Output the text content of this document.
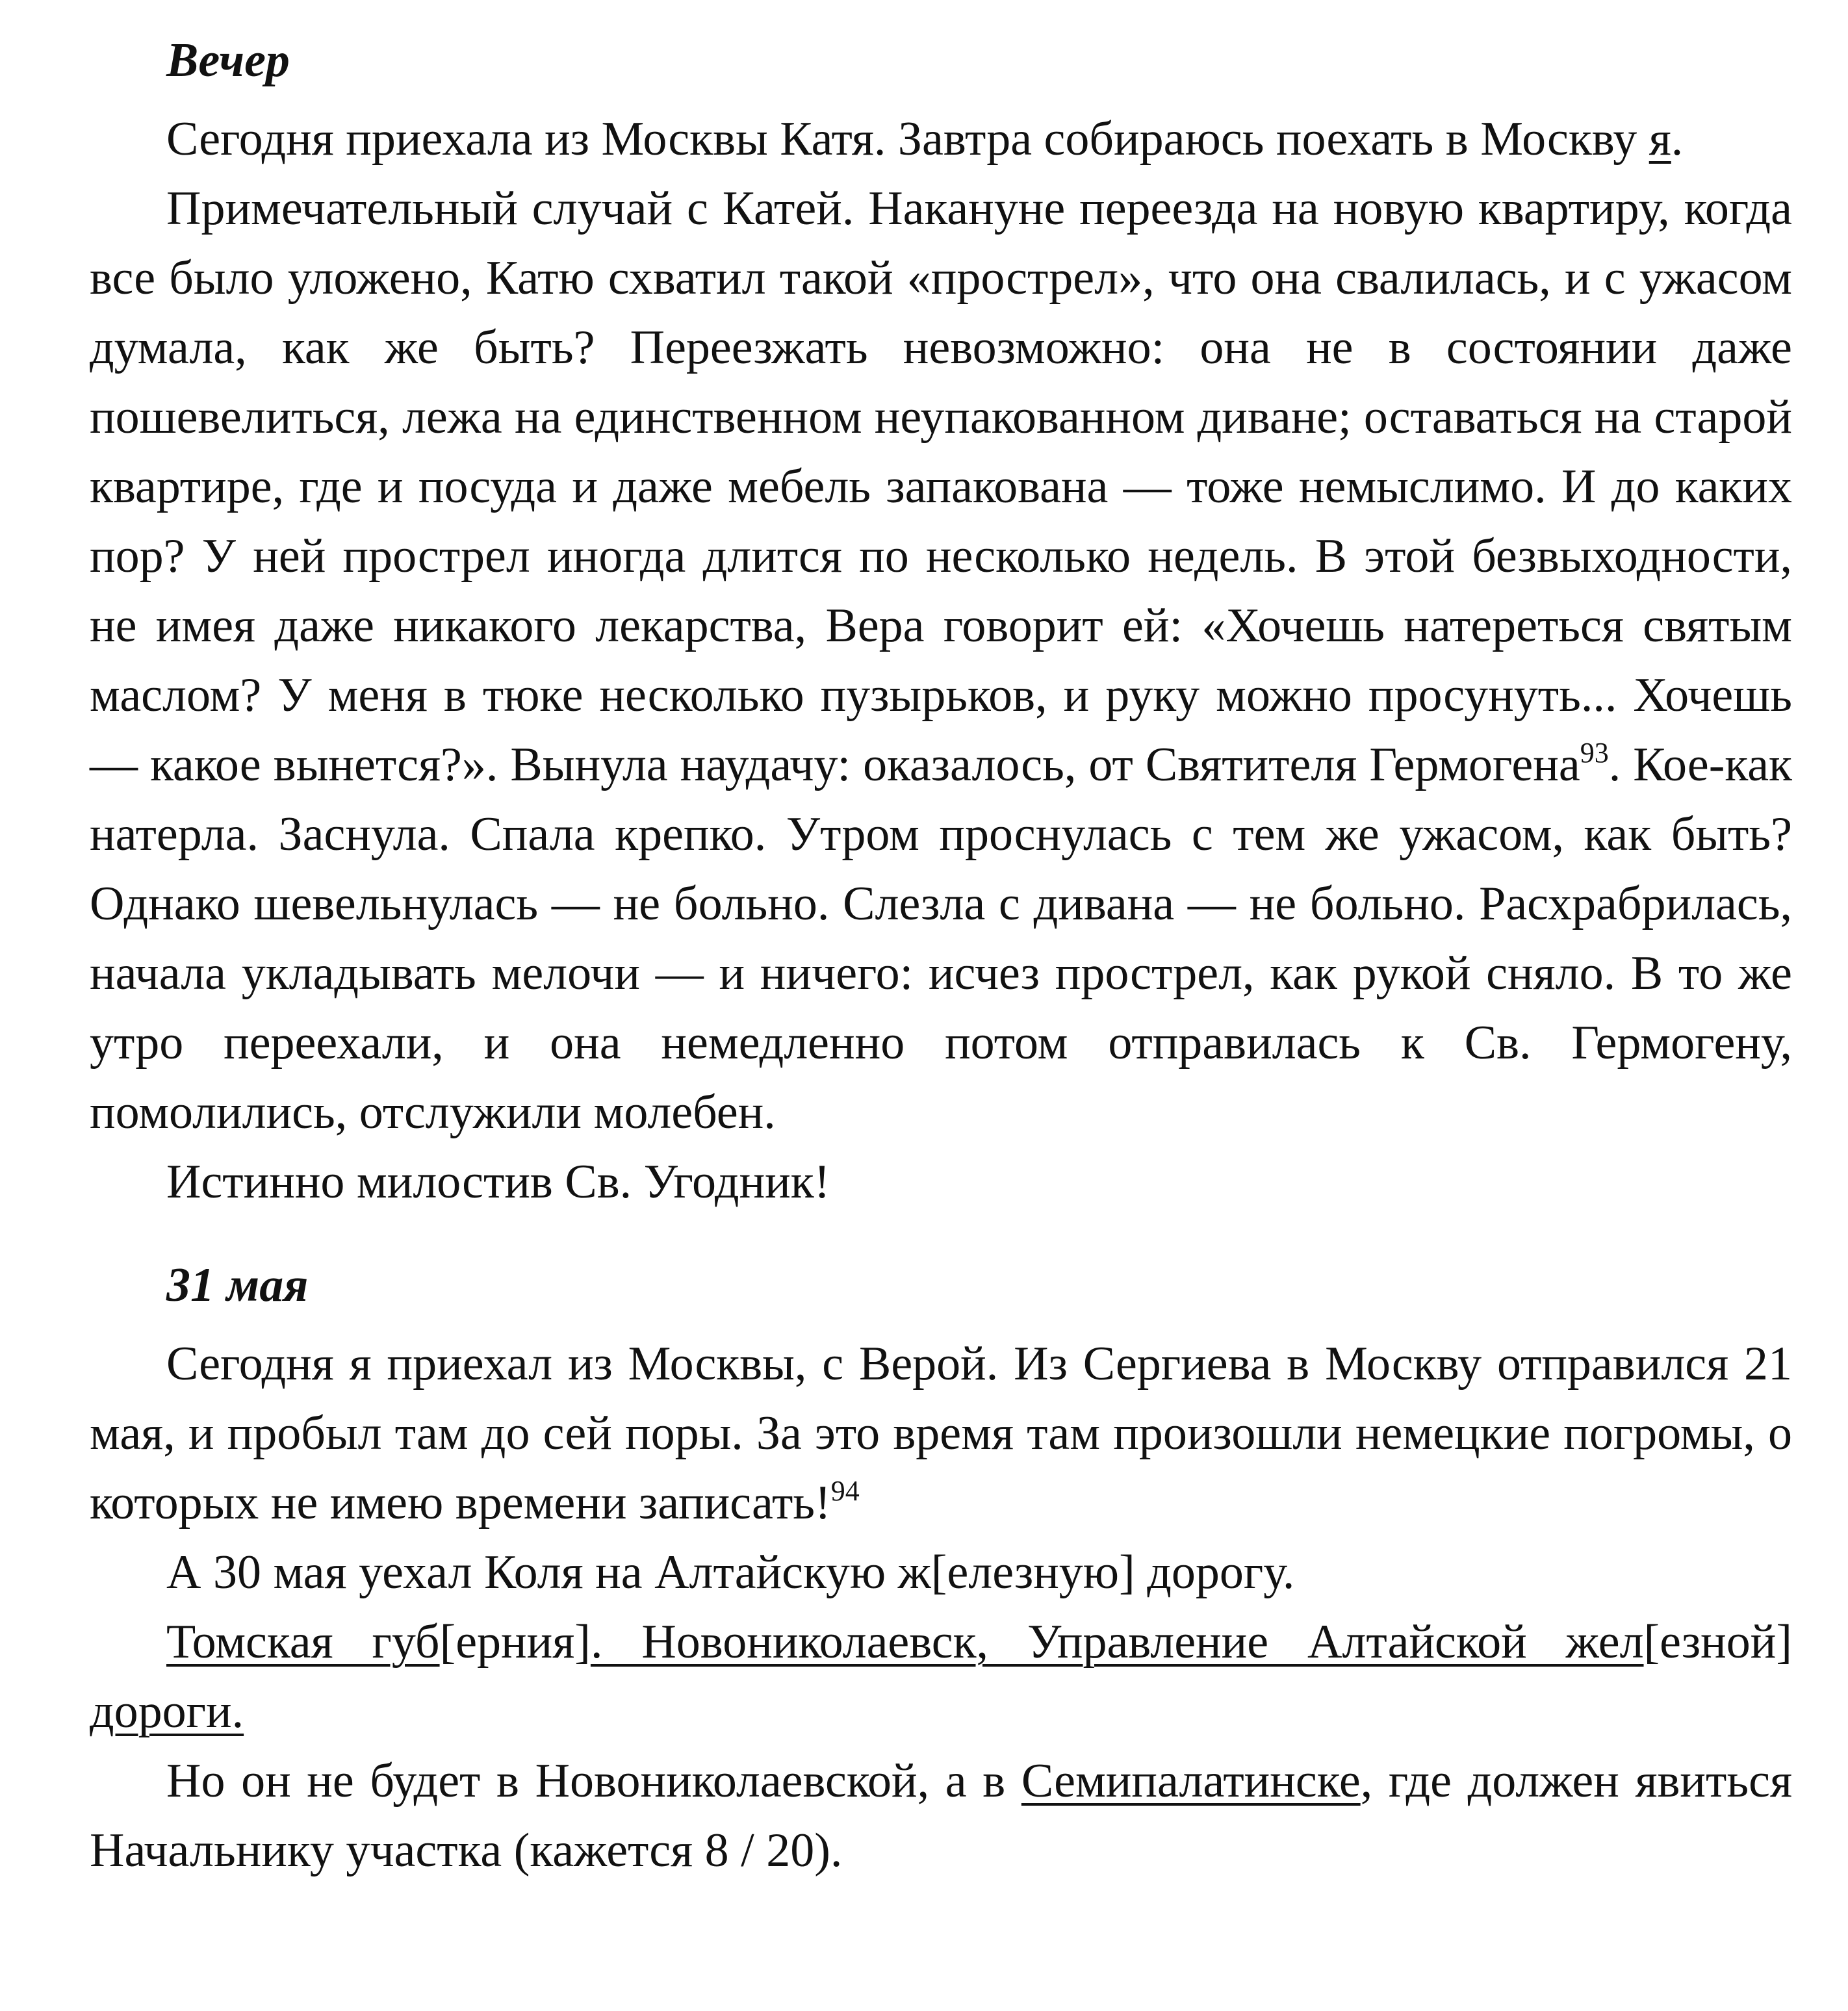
Вечер

Сегодня приехала из Москвы Катя. Завтра собираюсь поехать в Москву я.

Примечательный случай с Катей. Накануне переезда на новую квартиру, когда все было уложено, Катю схватил такой «прострел», что она свалилась, и с ужасом думала, как же быть? Переезжать невозможно: она не в состоянии даже пошевелиться, лежа на единственном неупакованном диване; оставаться на старой квартире, где и посуда и даже мебель запакована — тоже немыслимо. И до каких пор? У ней прострел иногда длится по несколько недель. В этой безвыходности, не имея даже никакого лекарства, Вера говорит ей: «Хочешь натереться святым маслом? У меня в тюке несколько пузырьков, и руку можно просунуть... Хочешь — какое вынется?». Вынула наудачу: оказалось, от Святителя Гермогена$^{93}$. Кое-как натерла. Заснула. Спала крепко. Утром проснулась с тем же ужасом, как быть? Однако шевельнулась — не больно. Слезла с дивана — не больно. Расхрабрилась, начала укладывать мелочи — и ничего: исчез прострел, как рукой сняло. В то же утро переехали, и она немедленно потом отправилась к Св. Гермогену, помолились, отслужили молебен.

Истинно милостив Св. Угодник!

31 мая

Сегодня я приехал из Москвы, с Верой. Из Сергиева в Москву отправился 21 мая, и пробыл там до сей поры. За это время там произошли немецкие погромы, о которых не имею времени записать!$^{94}$

А 30 мая уехал Коля на Алтайскую ж[елезную] дорогу.

Томская губ[ерния]. Новониколаевск, Управление Алтайской жел[езной] дороги.

Но он не будет в Новониколаевской, а в Семипалатинске, где должен явиться Начальнику участка (кажется 8 / 20).
